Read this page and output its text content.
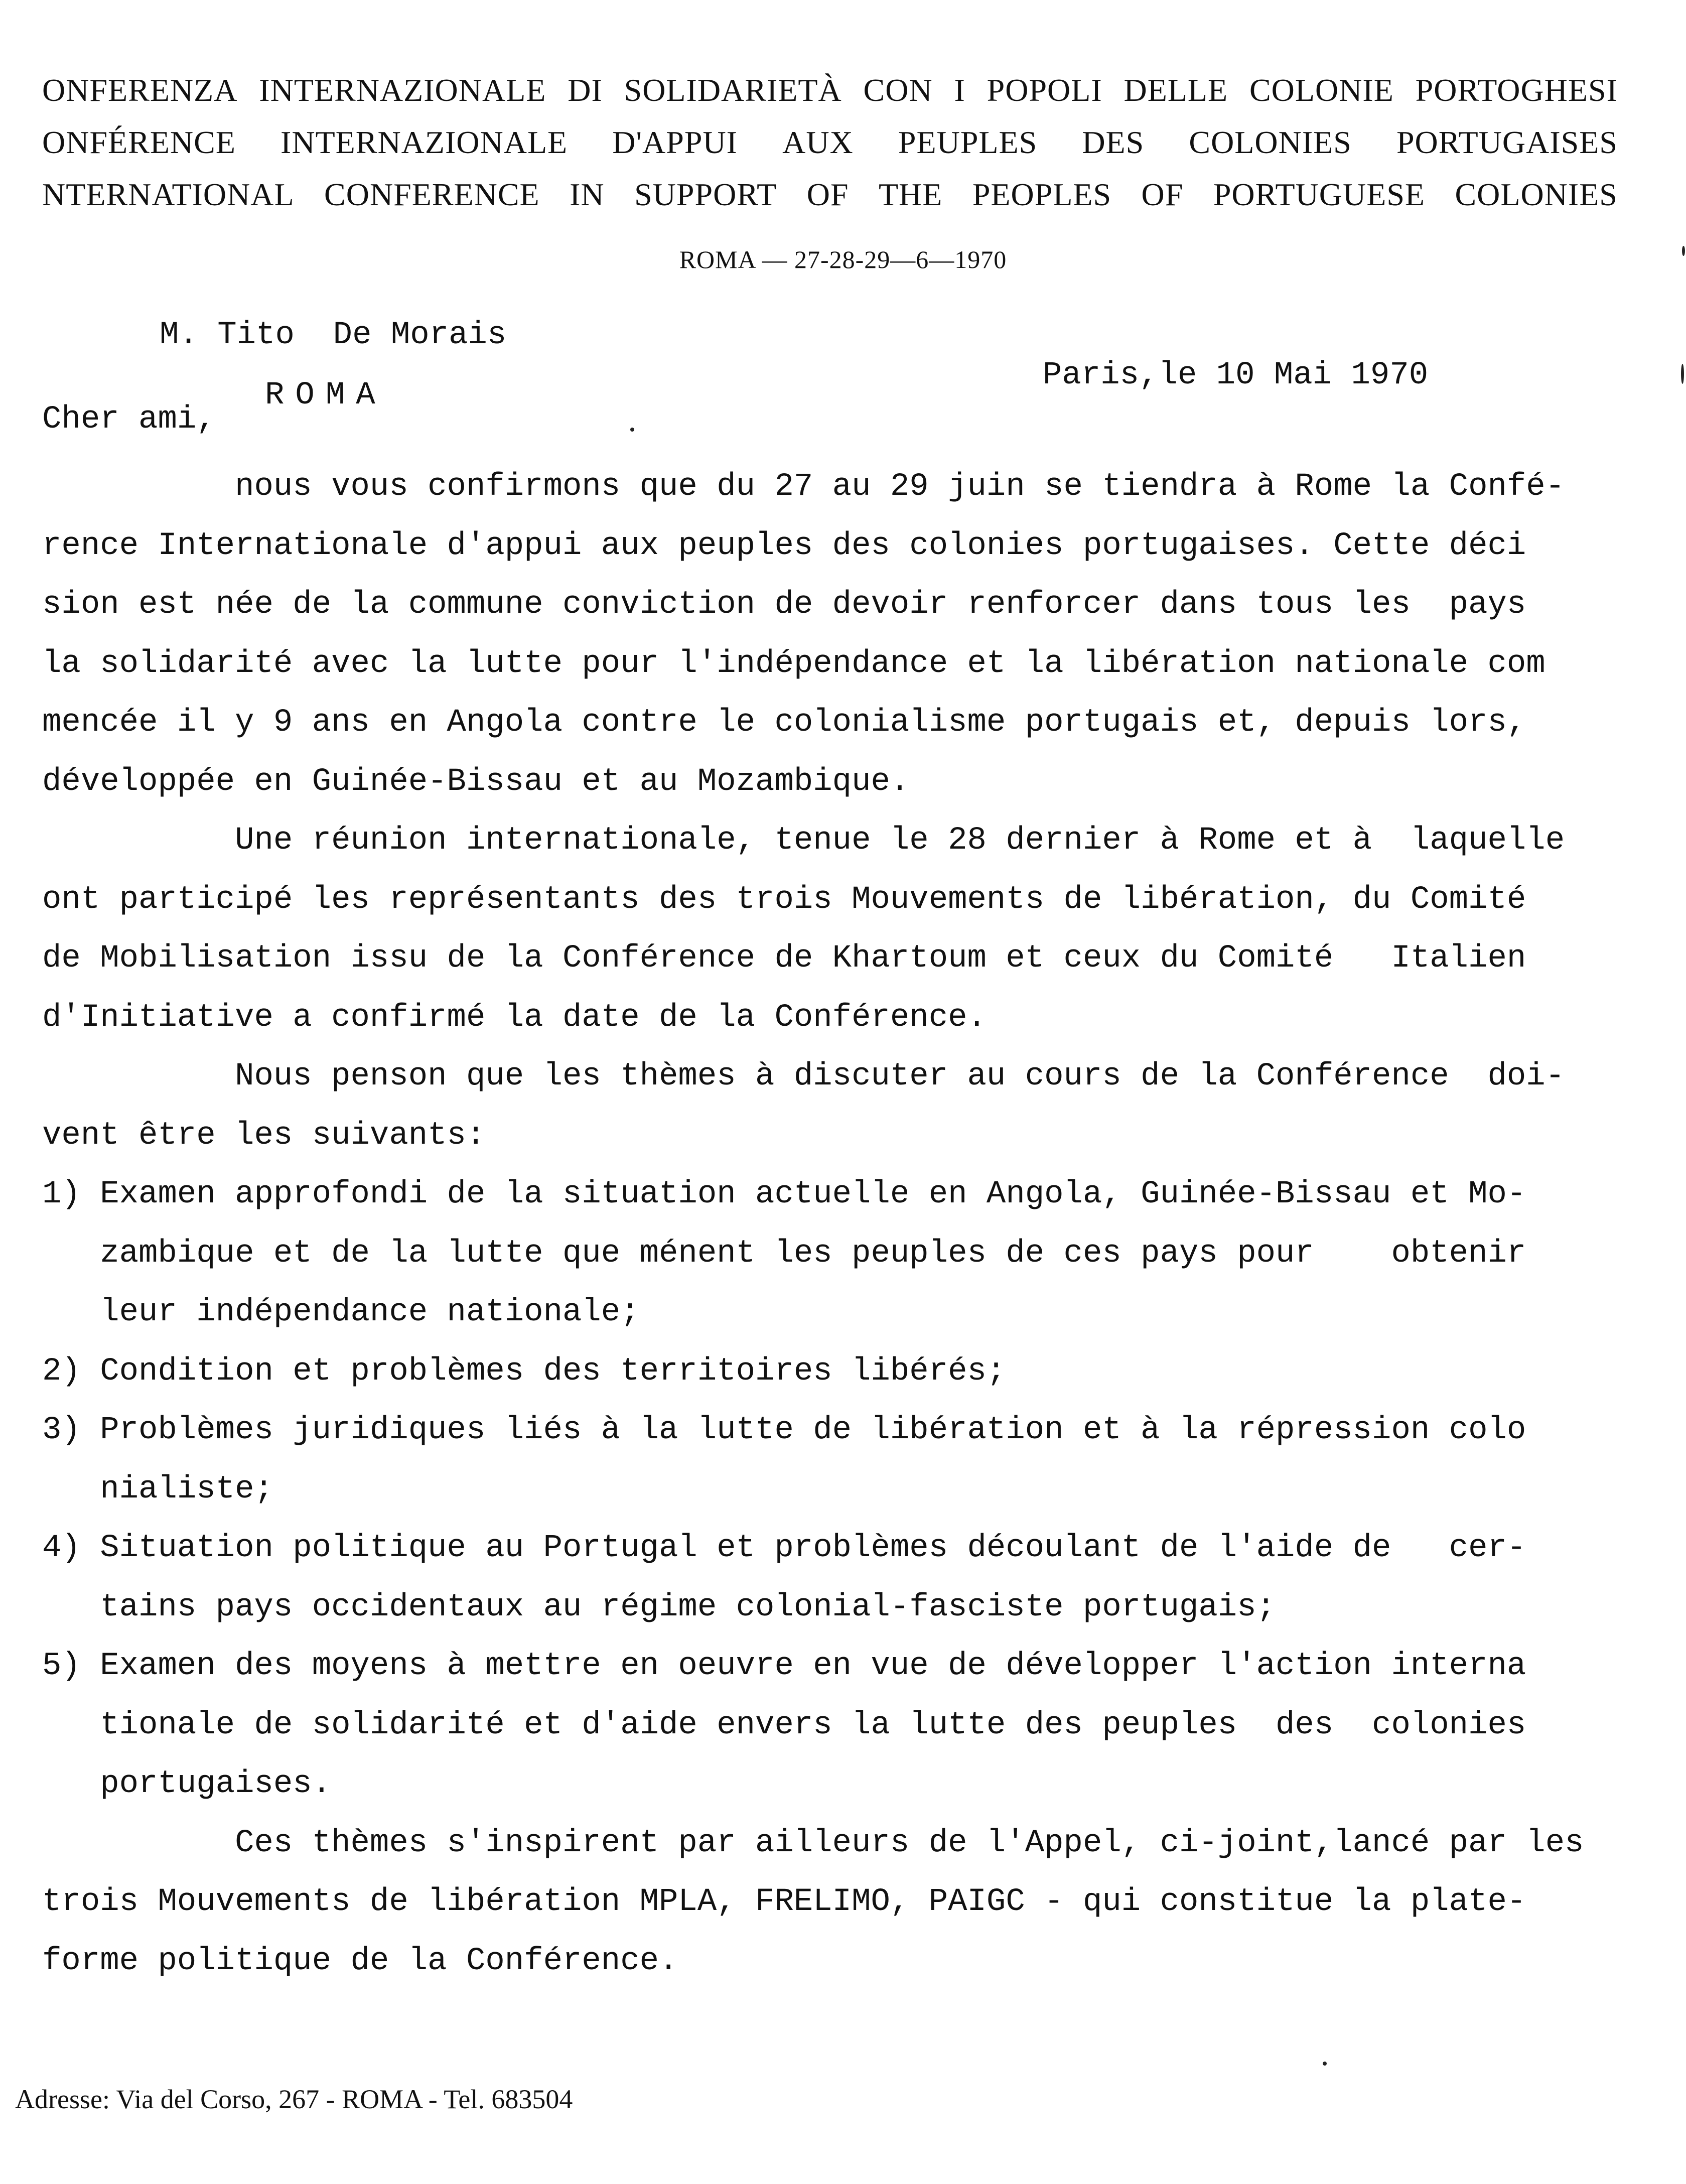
ONFERENZA INTERNAZIONALE DI SOLIDARIETÀ CON I POPOLI DELLE COLONIE PORTOGHESI
ONFÉRENCE INTERNAZIONALE D'APPUI AUX PEUPLES DES COLONIES PORTUGAISES
NTERNATIONAL CONFERENCE IN SUPPORT OF THE PEOPLES OF PORTUGUESE COLONIES
ROMA — 27-28-29—6—1970
M. Tito  De Morais
ROMA
Paris,le 10 Mai 1970
Cher ami,
nous vous confirmons que du 27 au 29 juin se tiendra à Rome la Confé-
rence Internationale d'appui aux peuples des colonies portugaises. Cette déci
sion est née de la commune conviction de devoir renforcer dans tous les  pays
la solidarité avec la lutte pour l'indépendance et la libération nationale com
mencée il y 9 ans en Angola contre le colonialisme portugais et, depuis lors,
développée en Guinée-Bissau et au Mozambique.
Une réunion internationale, tenue le 28 dernier à Rome et à  laquelle
ont participé les représentants des trois Mouvements de libération, du Comité
de Mobilisation issu de la Conférence de Khartoum et ceux du Comité   Italien
d'Initiative a confirmé la date de la Conférence.
Nous penson que les thèmes à discuter au cours de la Conférence  doi-
vent être les suivants:
1) Examen approfondi de la situation actuelle en Angola, Guinée-Bissau et Mo-
zambique et de la lutte que ménent les peuples de ces pays pour    obtenir
leur indépendance nationale;
2) Condition et problèmes des territoires libérés;
3) Problèmes juridiques liés à la lutte de libération et à la répression colo
nialiste;
4) Situation politique au Portugal et problèmes découlant de l'aide de   cer-
tains pays occidentaux au régime colonial-fasciste portugais;
5) Examen des moyens à mettre en oeuvre en vue de développer l'action interna
tionale de solidarité et d'aide envers la lutte des peuples  des  colonies
portugaises.
Ces thèmes s'inspirent par ailleurs de l'Appel, ci-joint,lancé par les
trois Mouvements de libération MPLA, FRELIMO, PAIGC - qui constitue la plate-
forme politique de la Conférence.
Adresse: Via del Corso, 267 - ROMA - Tel. 683504
